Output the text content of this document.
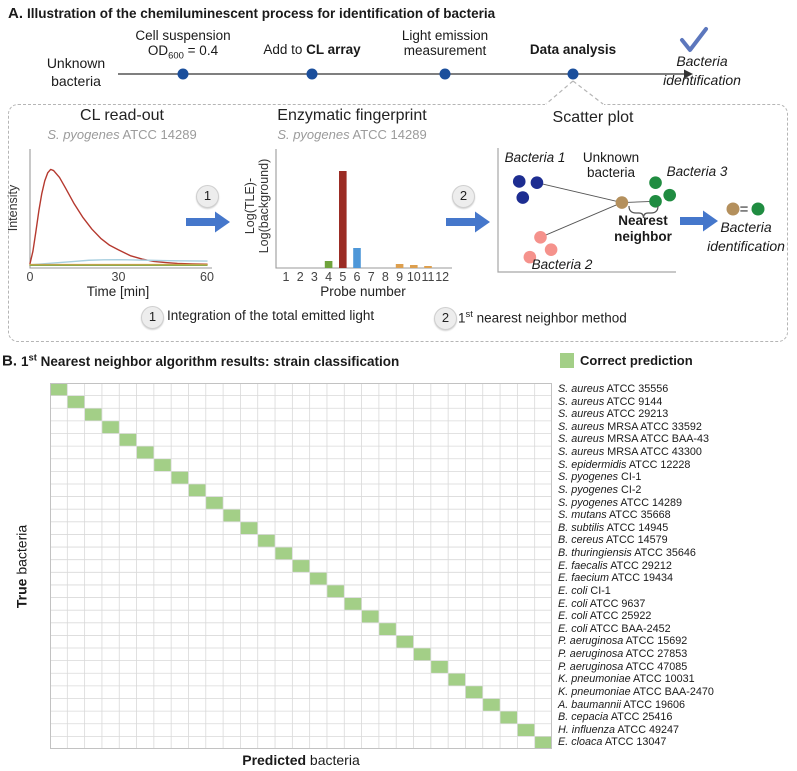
0	30	60	1 2 3 4 5 6 7 8 9 10 11 12
A. Illustration of the chemiluminescent process for identification of bacteria
Unknown
bacteria
Cell suspension
$OD_{600} = 0.4$	Add to CL array
Light emission
measurement	Data analysis
Bacteria
identification
CL read-out
S. pyogenes ATCC 14289
Intensity
Time [min]
1	2
Enzymatic fingerprint
S. pyogenes ATCC 14289
Log(TLE)- Log(background)
Probe number
Scatter plot
Bacteria 1	Unknown
bacteria	Bacteria 3
Bacteria 2
Nearest
neighbor
=
Bacteria
identification
1 Integration of the total emitted light	2 1st nearest neighbor method
B. 1st Nearest neighbor algorithm results: strain classification	Correct prediction
S. aureus ATCC 35556
S. aureus ATCC 9144
S. aureus ATCC 29213
S. aureus MRSA ATCC 33592
S. aureus MRSA ATCC BAA-43
S. aureus MRSA ATCC 43300
S. epidermidis ATCC 12228
S. pyogenes CI-1
S. pyogenes CI-2
S. pyogenes ATCC 14289
S. mutans ATCC 35668
B. subtilis ATCC 14945
B. cereus ATCC 14579
B. thuringiensis ATCC 35646
E. faecalis ATCC 29212
E. faecium ATCC 19434
E. coli CI-1
E. coli ATCC 9637
E. coli ATCC 25922
E. coli ATCC BAA-2452
P. aeruginosa ATCC 15692
P. aeruginosa ATCC 27853
P. aeruginosa ATCC 47085
K. pneumoniae ATCC 10031
K. pneumoniae ATCC BAA-2470
A. baumannii ATCC 19606
B. cepacia ATCC 25416
H. influenza ATCC 49247
E. cloaca ATCC 13047
True bacteria
Predicted bacteria
